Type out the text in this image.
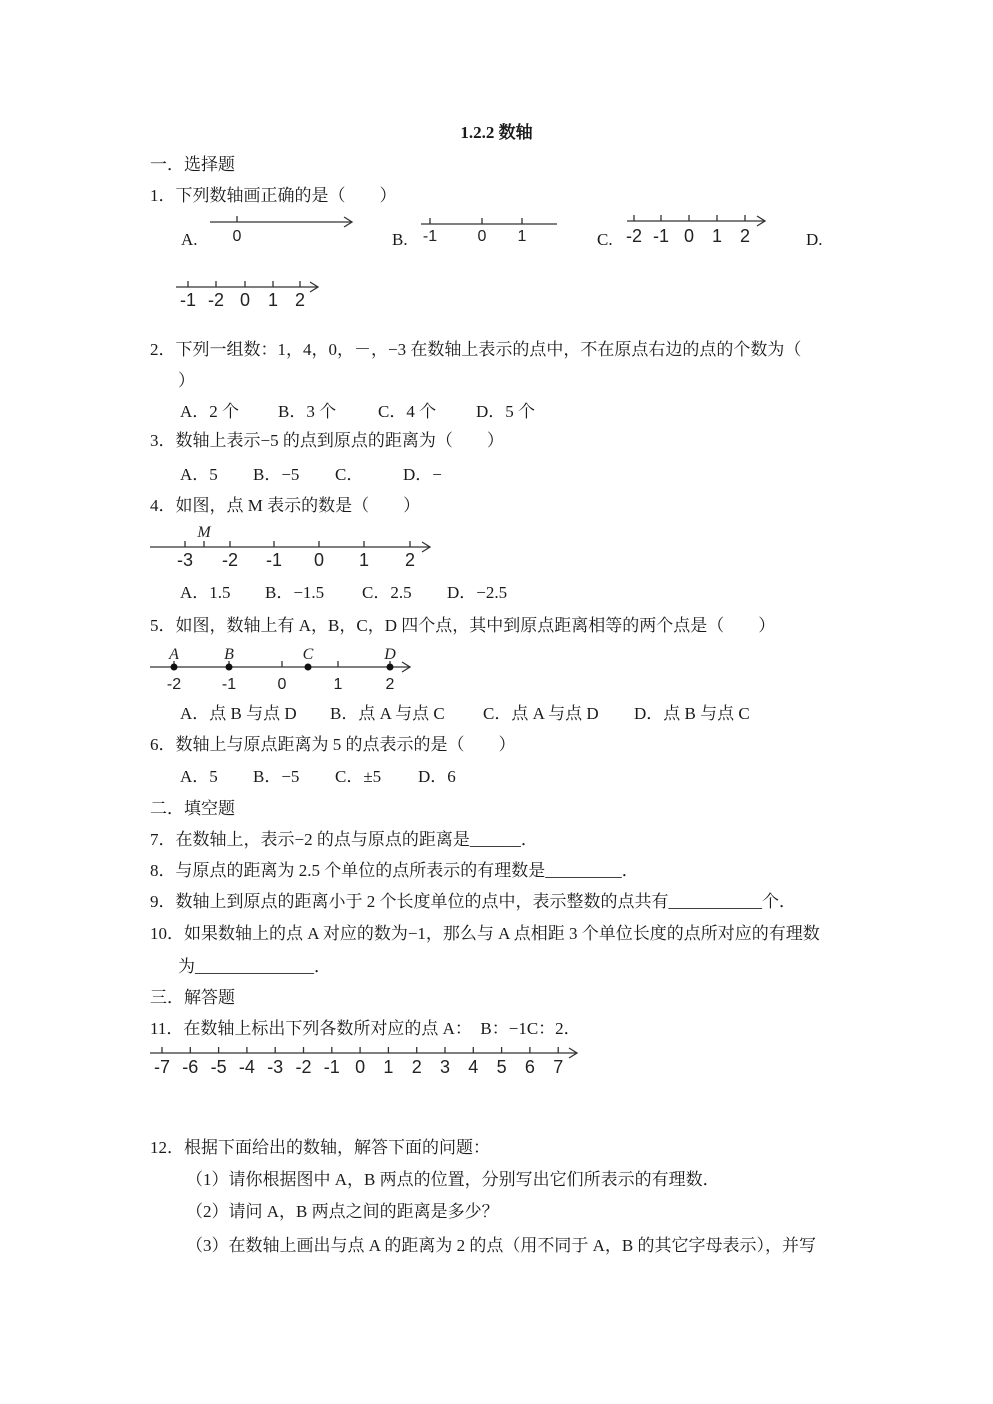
1.2.2 数轴
一．选择题
1．下列数轴画正确的是（　　）
A.	B.	C.	D.
0	-1	0 1	-2 -1 0 1 2
-1 -2 0 1 2
2．下列一组数：1，4，0，－，−3 在数轴上表示的点中，不在原点右边的点的个数为（
）
A．2 个 B．3 个 C．4 个 D．5 个
3．数轴上表示−5 的点到原点的距离为（　　）
A．5 B．−5 C． D．−
4．如图，点 M 表示的数是（　　）
M
-3 -2 -1 0 1 2
A．1.5 B．−1.5 C．2.5 D．−2.5
5．如图，数轴上有 A，B，C，D 四个点，其中到原点距离相等的两个点是（　　）
A	B	C	D
-2	-1	0	1	2
A．点 B 与点 D B．点 A 与点 C C．点 A 与点 D D．点 B 与点 C
6．数轴上与原点距离为 5 的点表示的是（　　）
A．5 B．−5 C．±5 D．6
二．填空题
7．在数轴上，表示−2 的点与原点的距离是______．
8．与原点的距离为 2.5 个单位的点所表示的有理数是_________．
9．数轴上到原点的距离小于 2 个长度单位的点中，表示整数的点共有___________个．
10．如果数轴上的点 A 对应的数为−1，那么与 A 点相距 3 个单位长度的点所对应的有理数
为______________．
三．解答题
11．在数轴上标出下列各数所对应的点 A：　B：−1C：2．
-7 -6 -5 -4 -3 -2 -1 0 1 2 3 4 5 6 7
12．根据下面给出的数轴，解答下面的问题：
（1）请你根据图中 A，B 两点的位置，分别写出它们所表示的有理数．
（2）请问 A，B 两点之间的距离是多少？
（3）在数轴上画出与点 A 的距离为 2 的点（用不同于 A，B 的其它字母表示），并写
